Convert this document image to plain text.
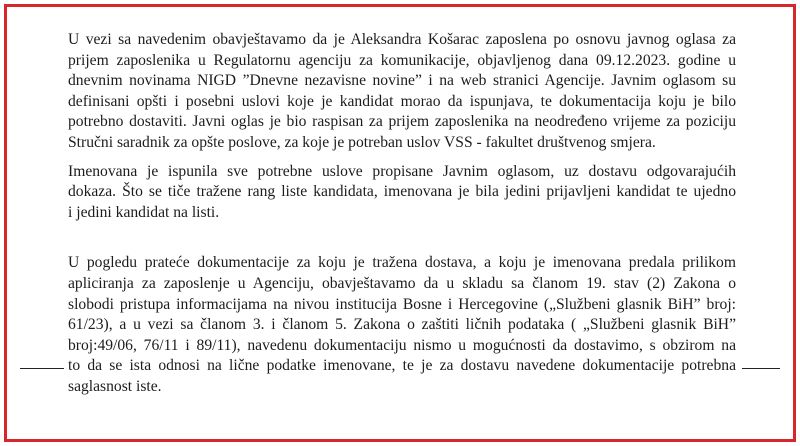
U vezi sa navedenim obavještavamo da je Aleksandra Košarac zaposlena po osnovu javnog oglasa za
prijem zaposlenika u Regulatornu agenciju za komunikacije, objavljenog dana 09.12.2023. godine u
dnevnim novinama NIGD ”Dnevne nezavisne novine” i na web stranici Agencije. Javnim oglasom su
definisani opšti i posebni uslovi koje je kandidat morao da ispunjava, te dokumentacija koju je bilo
potrebno dostaviti. Javni oglas je bio raspisan za prijem zaposlenika na neodređeno vrijeme za poziciju
Stručni saradnik za opšte poslove, za koje je potreban uslov VSS - fakultet društvenog smjera.

Imenovana je ispunila sve potrebne uslove propisane Javnim oglasom, uz dostavu odgovarajućih
dokaza. Što se tiče tražene rang liste kandidata, imenovana je bila jedini prijavljeni kandidat te ujedno
i jedini kandidat na listi.

U pogledu prateće dokumentacije za koju je tražena dostava, a koju je imenovana predala prilikom
apliciranja za zaposlenje u Agenciju, obavještavamo da u skladu sa članom 19. stav (2) Zakona o
slobodi pristupa informacijama na nivou institucija Bosne i Hercegovine („Službeni glasnik BiH” broj:
61/23), a u vezi sa članom 3. i članom 5. Zakona o zaštiti ličnih podataka ( „Službeni glasnik BiH”
broj:49/06, 76/11 i 89/11), navedenu dokumentaciju nismo u mogućnosti da dostavimo, s obzirom na
to da se ista odnosi na lične podatke imenovane, te je za dostavu navedene dokumentacije potrebna
saglasnost iste.
